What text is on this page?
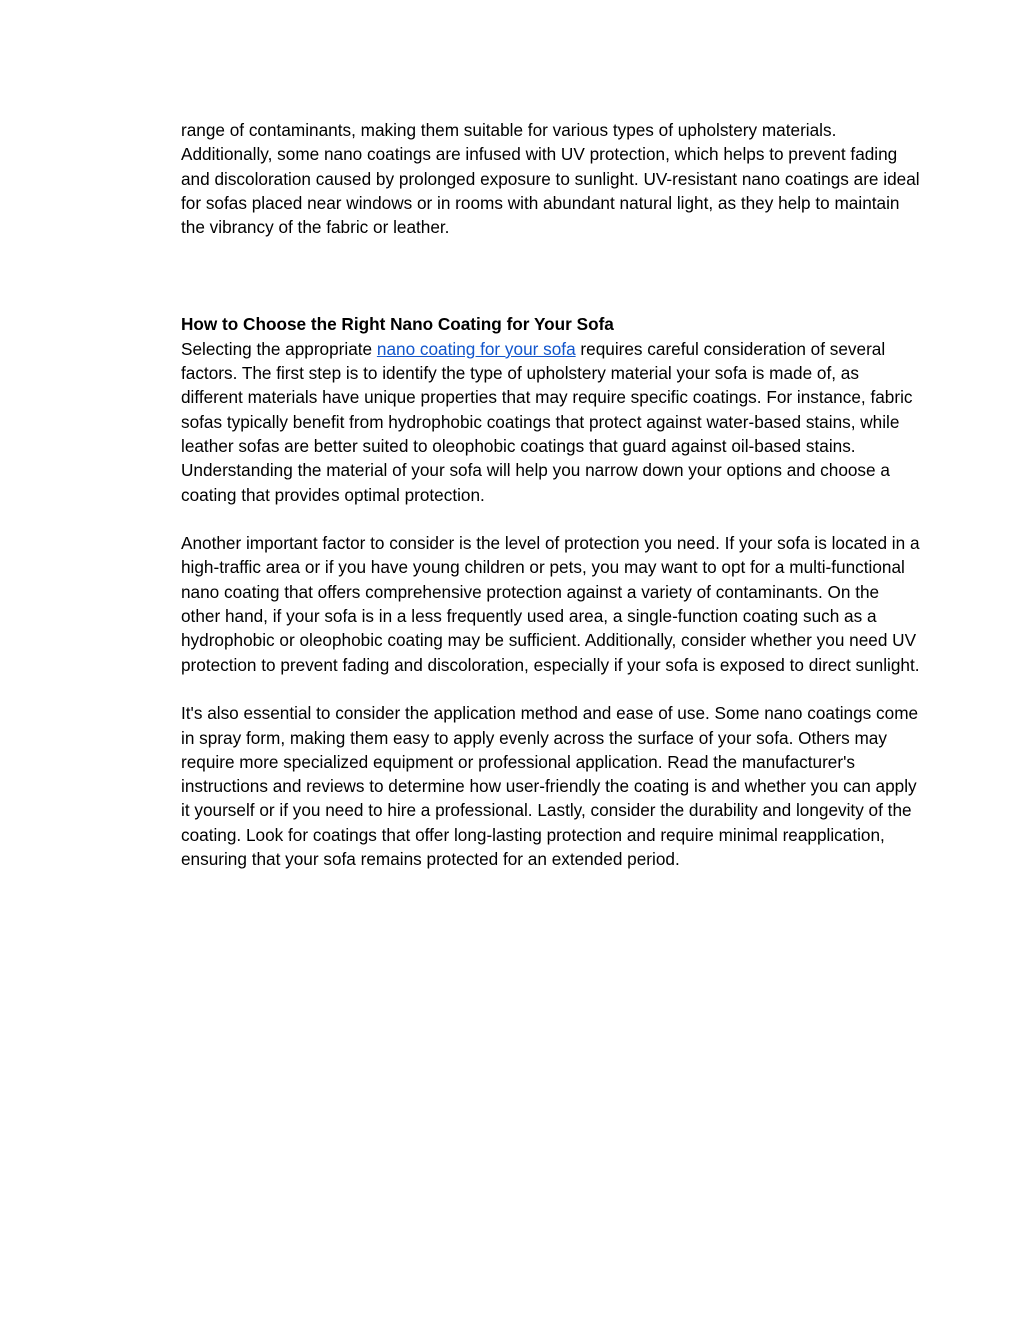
range of contaminants, making them suitable for various types of upholstery materials. Additionally, some nano coatings are infused with UV protection, which helps to prevent fading and discoloration caused by prolonged exposure to sunlight. UV-resistant nano coatings are ideal for sofas placed near windows or in rooms with abundant natural light, as they help to maintain the vibrancy of the fabric or leather.

How to Choose the Right Nano Coating for Your Sofa

Selecting the appropriate nano coating for your sofa requires careful consideration of several factors. The first step is to identify the type of upholstery material your sofa is made of, as different materials have unique properties that may require specific coatings. For instance, fabric sofas typically benefit from hydrophobic coatings that protect against water-based stains, while leather sofas are better suited to oleophobic coatings that guard against oil-based stains. Understanding the material of your sofa will help you narrow down your options and choose a coating that provides optimal protection.

Another important factor to consider is the level of protection you need. If your sofa is located in a high-traffic area or if you have young children or pets, you may want to opt for a multi-functional nano coating that offers comprehensive protection against a variety of contaminants. On the other hand, if your sofa is in a less frequently used area, a single-function coating such as a hydrophobic or oleophobic coating may be sufficient. Additionally, consider whether you need UV protection to prevent fading and discoloration, especially if your sofa is exposed to direct sunlight.

It's also essential to consider the application method and ease of use. Some nano coatings come in spray form, making them easy to apply evenly across the surface of your sofa. Others may require more specialized equipment or professional application. Read the manufacturer's instructions and reviews to determine how user-friendly the coating is and whether you can apply it yourself or if you need to hire a professional. Lastly, consider the durability and longevity of the coating. Look for coatings that offer long-lasting protection and require minimal reapplication, ensuring that your sofa remains protected for an extended period.
